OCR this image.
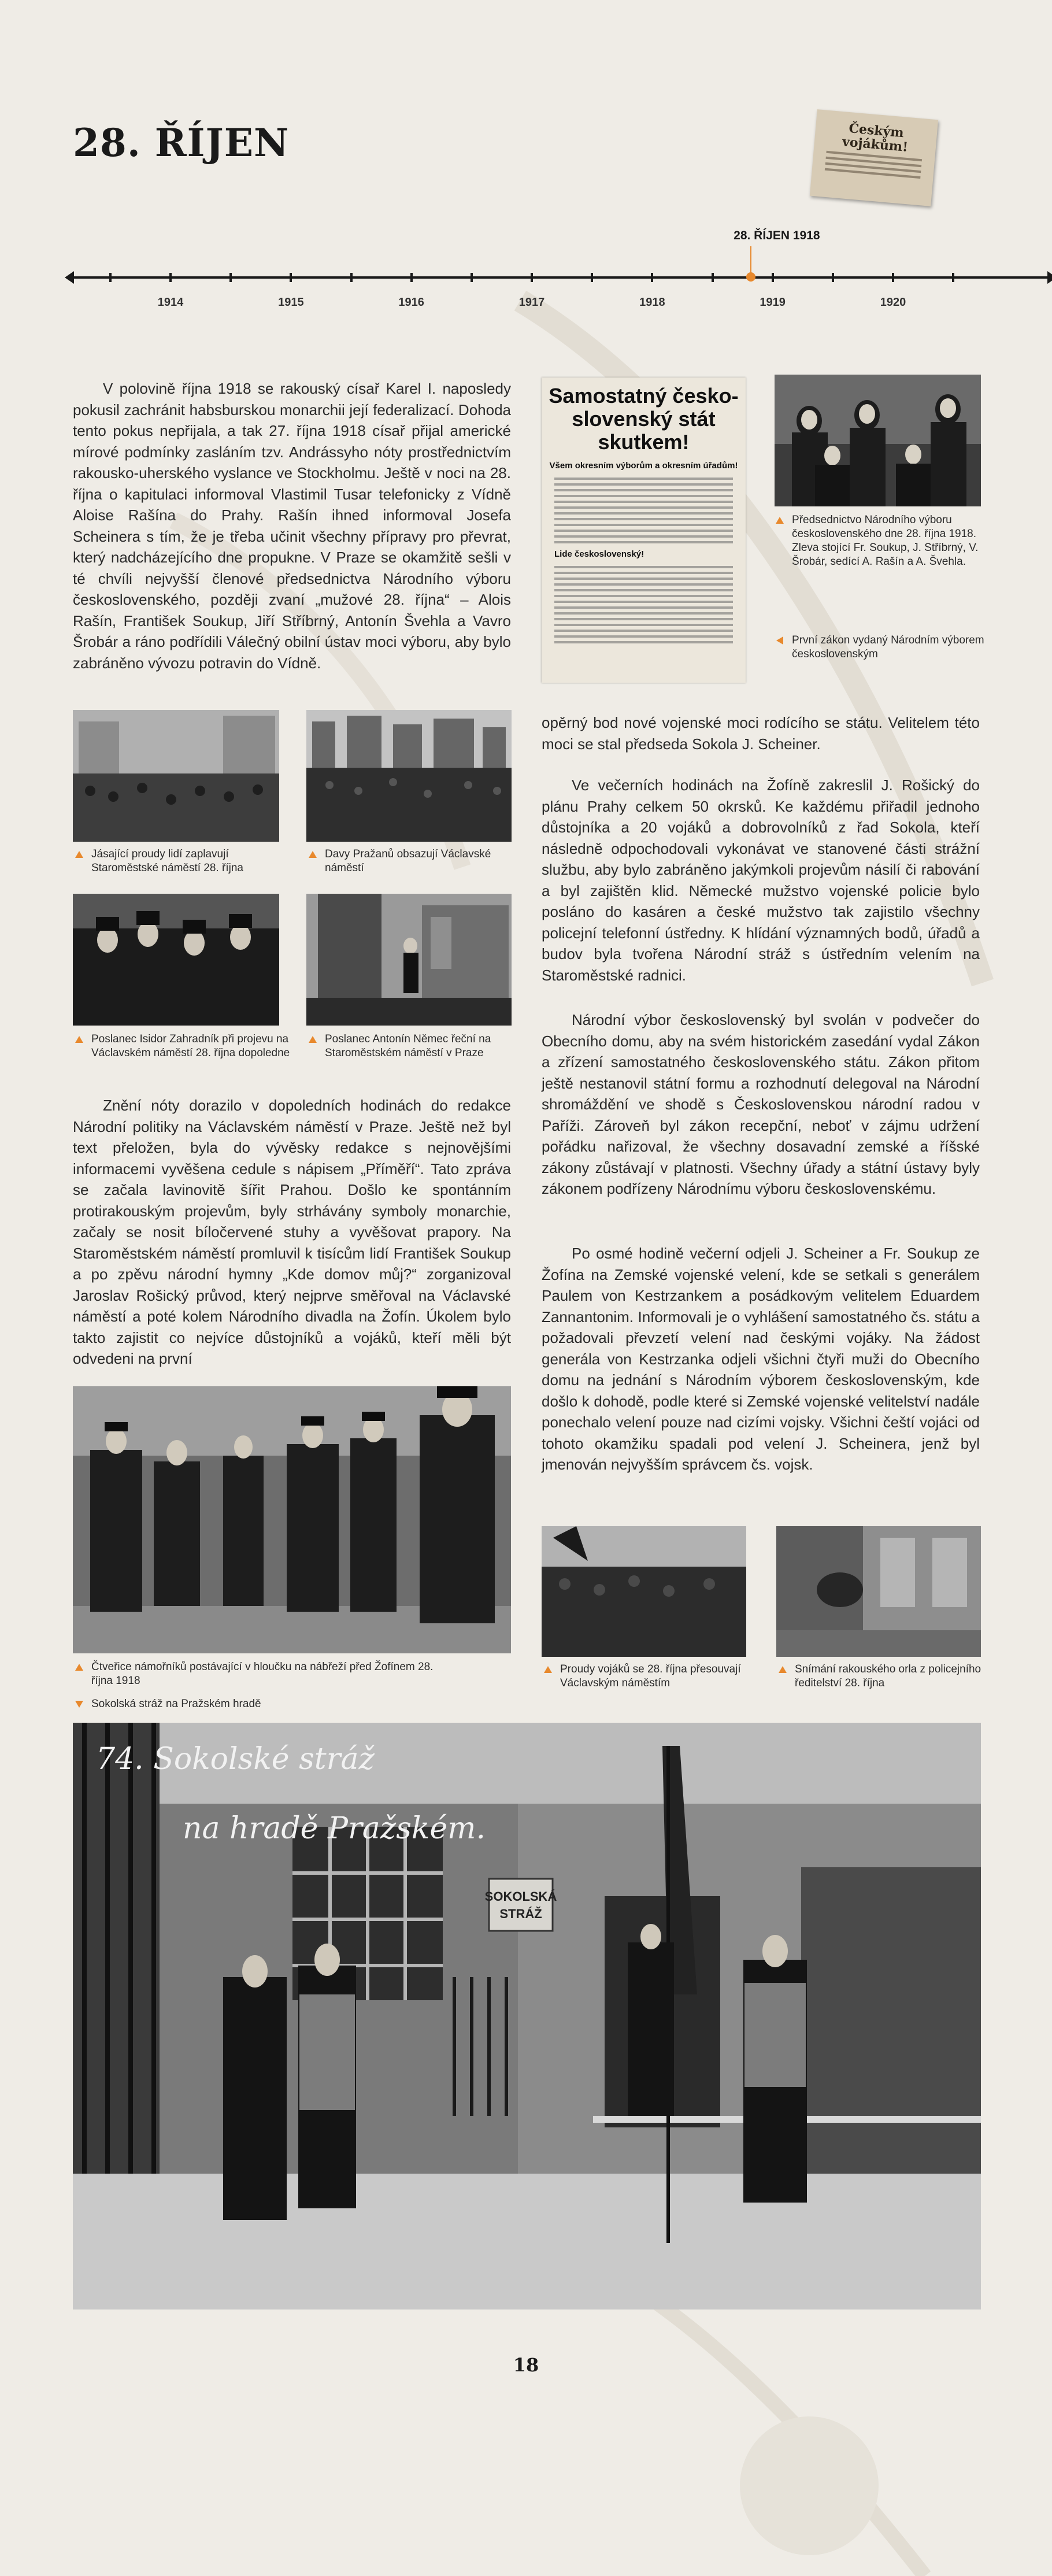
28. ŘÍJEN	Českým vojákům!
1914	1915	1916	1917	1918	1919	1920
28. ŘÍJEN 1918

V polovině října 1918 se rakouský císař Karel I. naposledy pokusil zachránit habsburskou monarchii její federalizací. Dohoda tento pokus nepřijala, a tak 27. října 1918 císař přijal americké mírové podmínky zasláním tzv. Andrássyho nóty prostřednictvím rakousko-uherského vyslance ve Stockholmu. Ještě v noci na 28. října o kapitulaci informoval Vlastimil Tusar telefonicky z Vídně Aloise Rašína do Prahy. Rašín ihned informoval Josefa Scheinera s tím, že je třeba učinit všechny přípravy pro převrat, který nadcházejícího dne propukne. V Praze se okamžitě sešli v té chvíli nejvyšší členové předsednictva Národního výboru československého, později zvaní „mužové 28. října“ – Alois Rašín, František Soukup, Jiří Stříbrný, Antonín Švehla a Vavro Šrobár a ráno podřídili Válečný obilní ústav moci výboru, aby bylo zabráněno vývozu potravin do Vídně.

Samostatný česko-slovenský stát skutkem!
Všem okresním výborům a okresním úřadům!
Lide československý!
Předsednictvo Národního výboru československého dne 28. října 1918. Zleva stojící Fr. Soukup, J. Stříbrný, V. Šrobár, sedící A. Rašín a A. Švehla.
První zákon vydaný Národním výborem československým
Jásající proudy lidí zaplavují Staroměstské náměstí 28. října
Davy Pražanů obsazují Václavské náměstí
Poslanec Isidor Zahradník při projevu na Václavském náměstí 28. října dopoledne
Poslanec Antonín Němec řeční na Staroměstském náměstí v Praze

Znění nóty dorazilo v dopoledních hodinách do redakce Národní politiky na Václavském náměstí v Praze. Ještě než byl text přeložen, byla do vývěsky redakce s nejnovějšími informacemi vyvěšena cedule s nápisem „Příměří“. Tato zpráva se začala lavinovitě šířit Prahou. Došlo ke spontánním protirakouským projevům, byly strhávány symboly monarchie, začaly se nosit bíločervené stuhy a vyvěšovat prapory. Na Staroměstském náměstí promluvil k tisícům lidí František Soukup a po zpěvu národní hymny „Kde domov můj?“ zorganizoval Jaroslav Rošický průvod, který nejprve směřoval na Václavské náměstí a poté kolem Národního divadla na Žofín. Úkolem bylo takto zajistit co nejvíce důstojníků a vojáků, kteří měli být odvedeni na první

opěrný bod nové vojenské moci rodícího se státu. Velitelem této moci se stal předseda Sokola J. Scheiner.

Ve večerních hodinách na Žofíně zakreslil J. Rošický do plánu Prahy celkem 50 okrsků. Ke každému přiřadil jednoho důstojníka a 20 vojáků a dobrovolníků z řad Sokola, kteří následně odpochodovali vykonávat ve stanovené části strážní službu, aby bylo zabráněno jakýmkoli projevům násilí či rabování a byl zajištěn klid. Německé mužstvo vojenské policie bylo posláno do kasáren a české mužstvo tak zajistilo všechny policejní telefonní ústředny. K hlídání významných bodů, úřadů a budov byla tvořena Národní stráž s ústředním velením na Staroměstské radnici.

Národní výbor československý byl svolán v podvečer do Obecního domu, aby na svém historickém zasedání vydal Zákon a zřízení samostatného československého státu. Zákon přitom ještě nestanovil státní formu a rozhodnutí delegoval na Národní shromáždění ve shodě s Československou národní radou v Paříži. Zároveň byl zákon recepční, neboť v zájmu udržení pořádku nařizoval, že všechny dosavadní zemské a říšské zákony zůstávají v platnosti. Všechny úřady a státní ústavy byly zákonem podřízeny Národnímu výboru československému.

Po osmé hodině večerní odjeli J. Scheiner a Fr. Soukup ze Žofína na Zemské vojenské velení, kde se setkali s generálem Paulem von Kestrzankem a posádkovým velitelem Eduardem Zannantonim. Informovali je o vyhlášení samostatného čs. státu a požadovali převzetí velení nad českými vojáky. Na žádost generála von Kestrzanka odjeli všichni čtyři muži do Obecního domu na jednání s Národním výborem československým, kde došlo k dohodě, podle které si Zemské vojenské velitelství nadále ponechalo velení pouze nad cizími vojsky. Všichni čeští vojáci od tohoto okamžiku spadali pod velení J. Scheinera, jenž byl jmenován nejvyšším správcem čs. vojsk.

Čtveřice námořníků postávající v hloučku na nábřeží před Žofínem 28. října 1918
Sokolská stráž na Pražském hradě
Proudy vojáků se 28. října přesouvají Václavským náměstím
Snímání rakouského orla z policejního ředitelství 28. října
SOKOLSKÁ
STRÁŽ
74. Sokolské stráž
na hradě Pražském.
18
